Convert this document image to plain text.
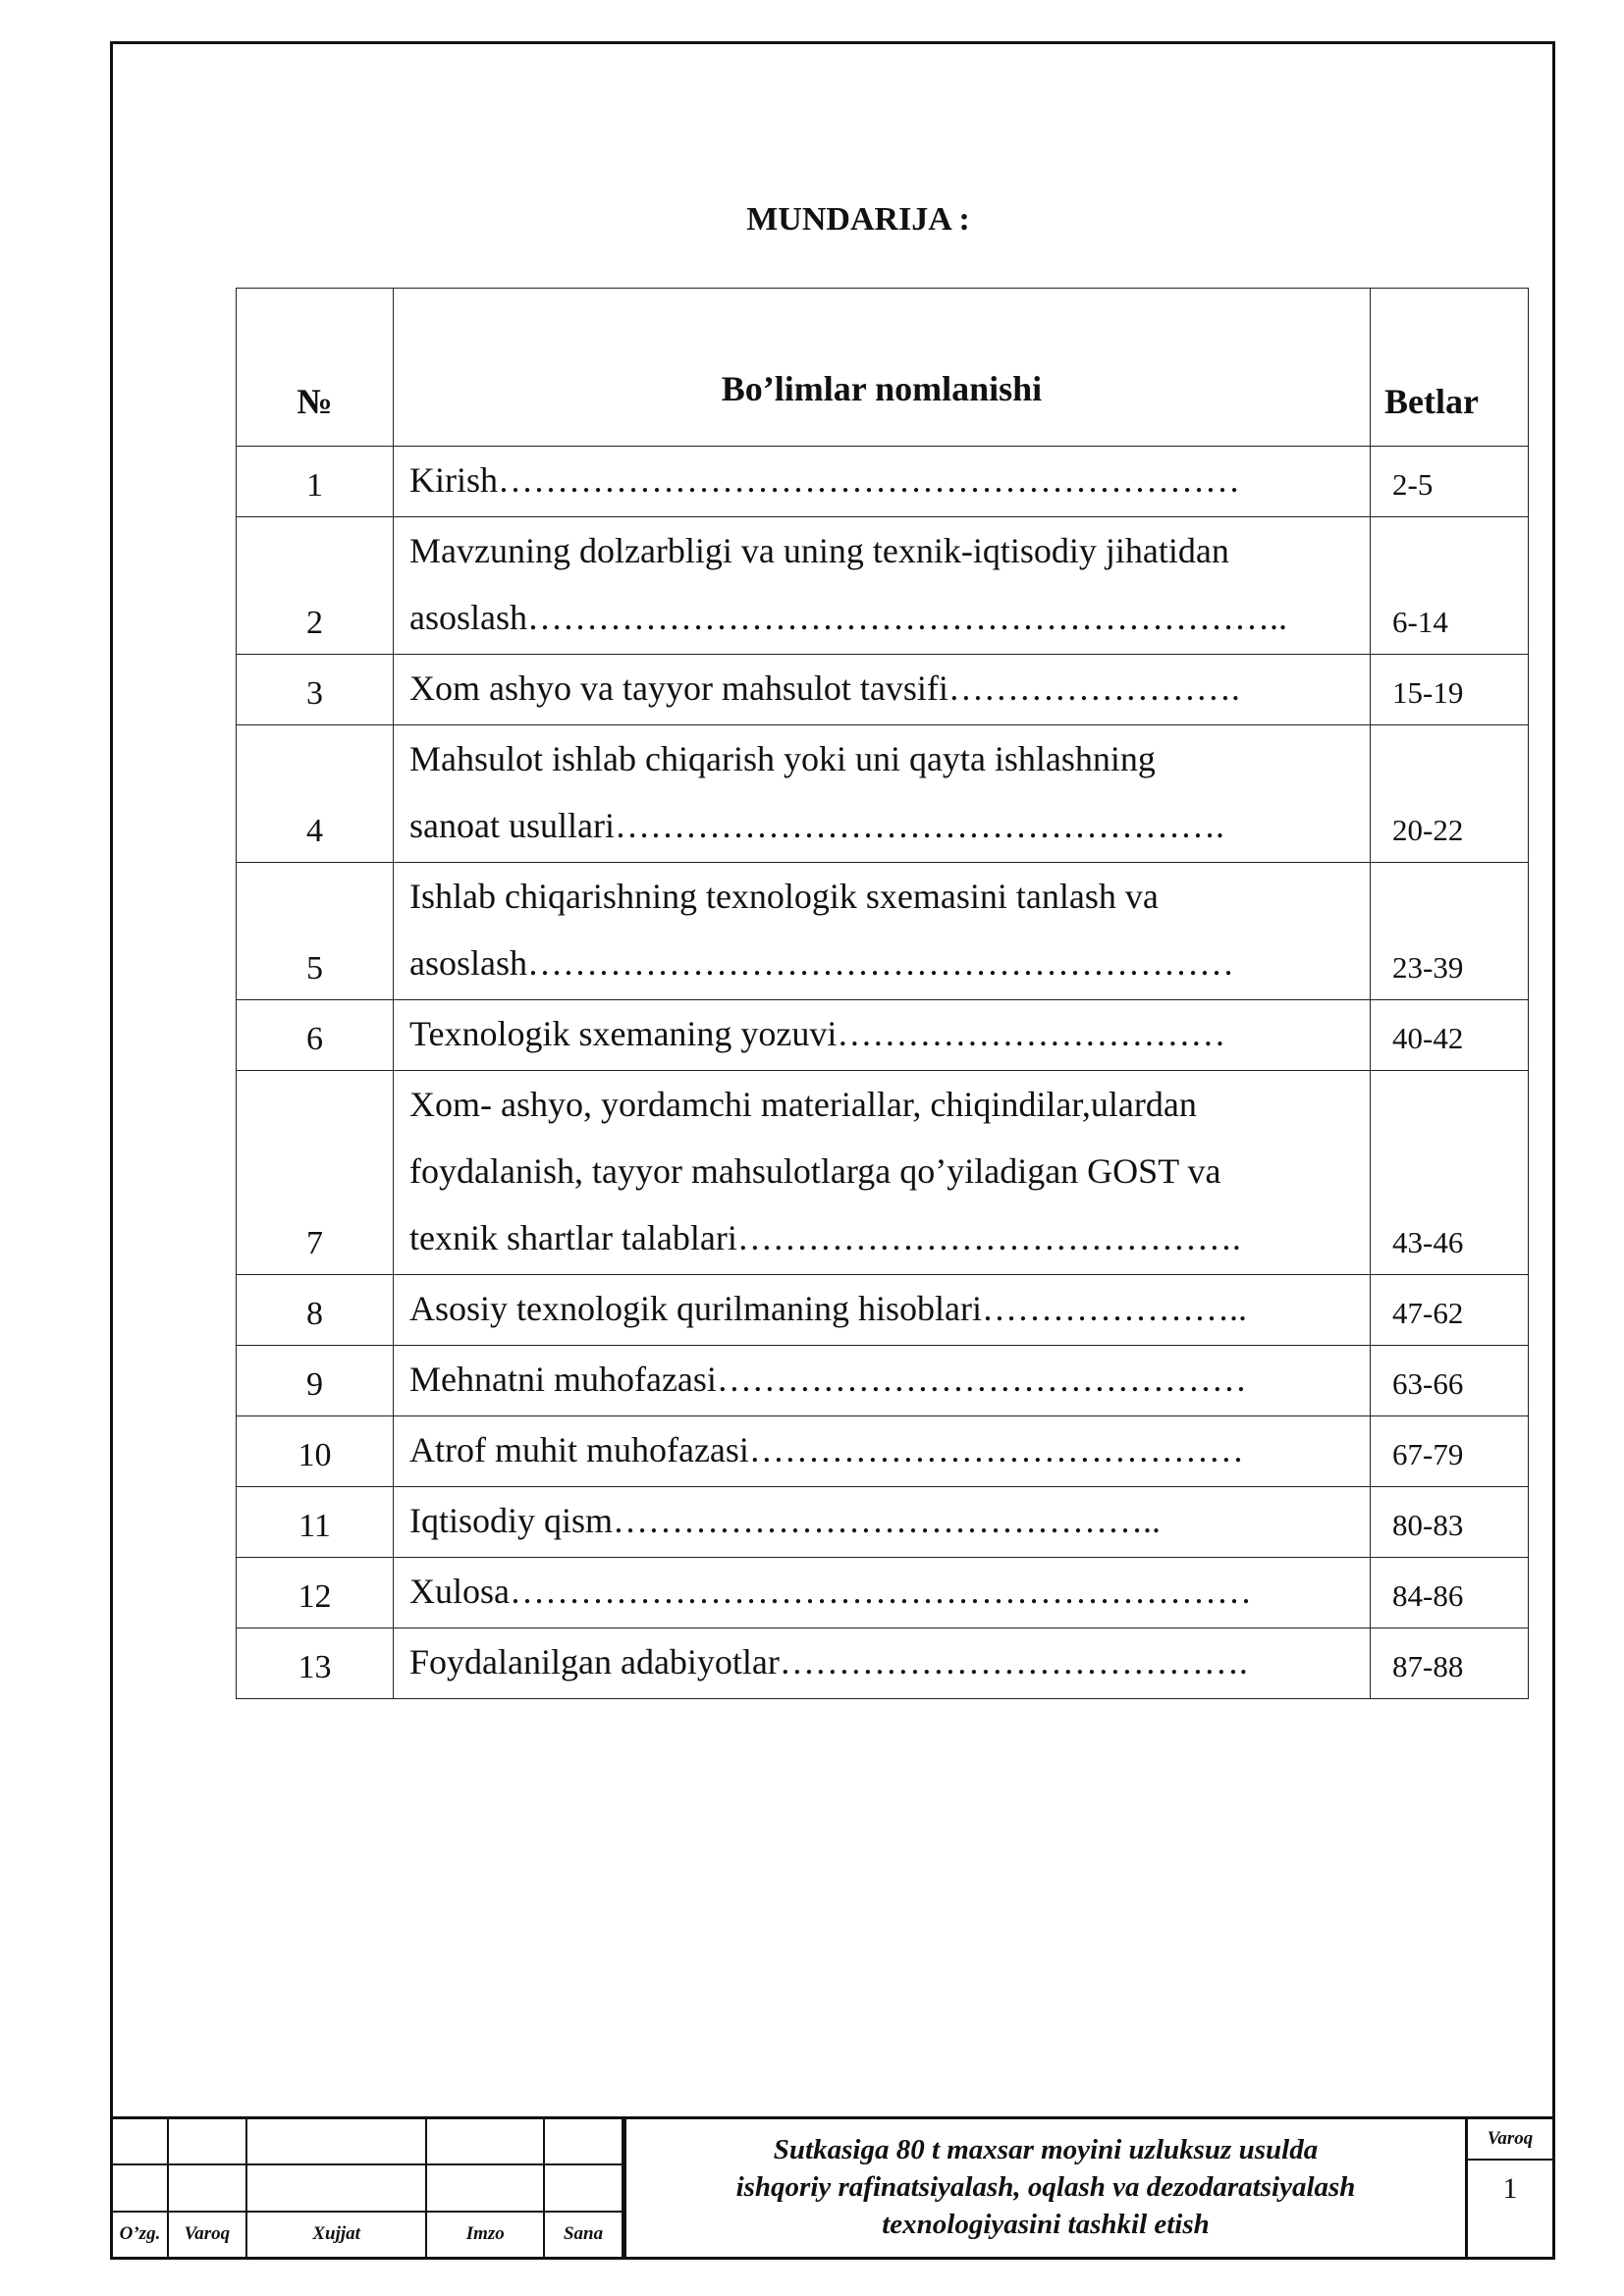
MUNDARIJA :
№	Bo’limlar nomlanishi	Betlar
1	Kirish………………………………………………………	2-5
2	Mavzuning dolzarbligi va uning texnik-iqtisodiy jihatidan
asoslash………………………………………………………..	6-14
3	Xom ashyo va tayyor mahsulot tavsifi…………………….	15-19
4	Mahsulot ishlab chiqarish yoki uni qayta ishlashning
sanoat usullari…………………………………………….	20-22
5	Ishlab chiqarishning texnologik sxemasini tanlash va
asoslash……………………………………………………	23-39
6	Texnologik sxemaning yozuvi……………………………	40-42
7	Xom- ashyo, yordamchi materiallar, chiqindilar,ulardan
foydalanish, tayyor mahsulotlarga qo’yiladigan GOST va
texnik shartlar talablari…………………………………….	43-46
8	Asosiy texnologik qurilmaning hisoblari…………………..	47-62
9	Mehnatni muhofazasi………………………………………	63-66
10	Atrof muhit muhofazasi……………………………………	67-79
11	Iqtisodiy qism………………………………………..	80-83
12	Xulosa………………………………………………………	84-86
13	Foydalanilgan adabiyotlar………………………………….	87-88

O’zg.	Varoq	Xujjat	Imzo	Sana
Sutkasiga 80 t maxsar moyini uzluksuz usulda
ishqoriy rafinatsiyalash, oqlash va dezodaratsiyalash
texnologiyasini tashkil etish
Varoq
1
